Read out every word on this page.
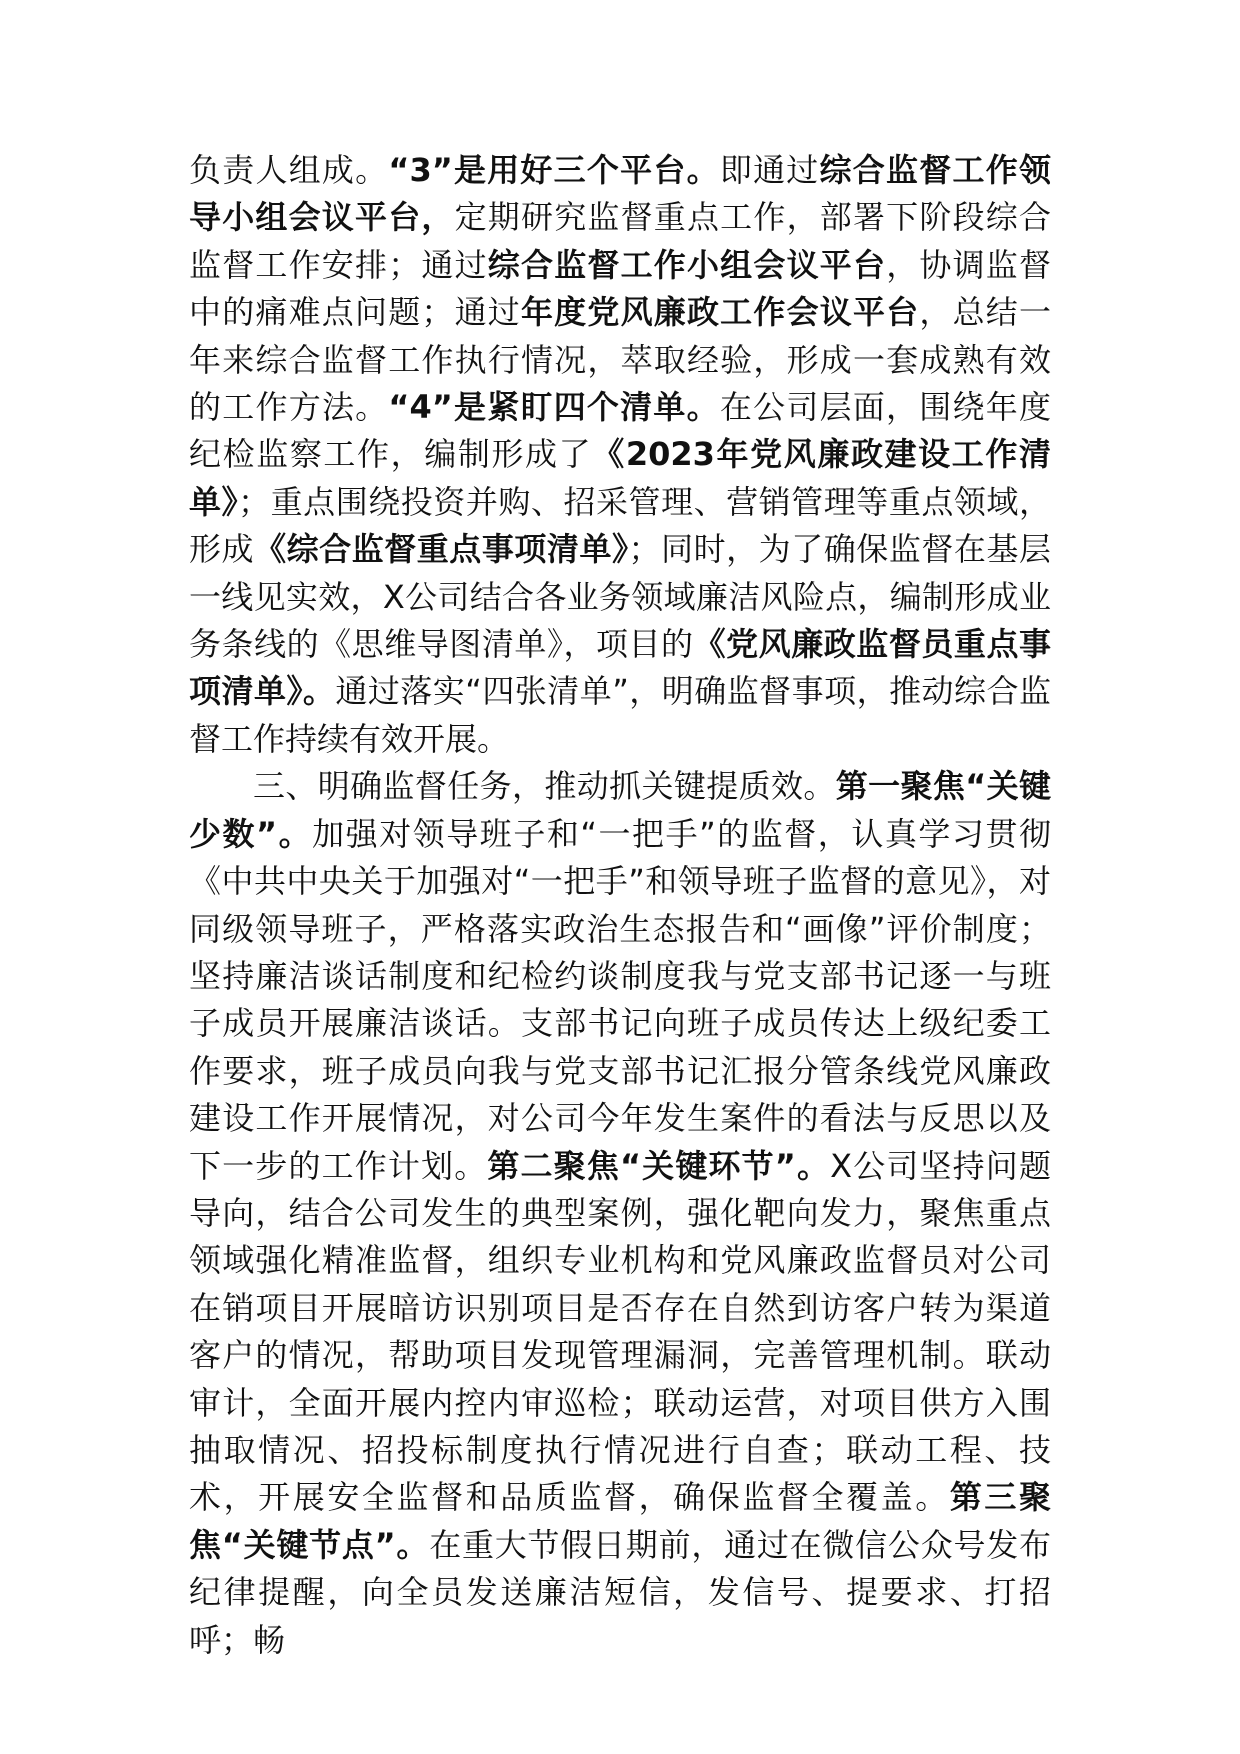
负责人组成。“3”是用好三个平台。即通过综合监督工作领导小组会议平台，定期研究监督重点工作，部署下阶段综合监督工作安排；通过综合监督工作小组会议平台，协调监督中的痛难点问题；通过年度党风廉政工作会议平台，总结一年来综合监督工作执行情况，萃取经验，形成一套成熟有效的工作方法。“4”是紧盯四个清单。在公司层面，围绕年度纪检监察工作，编制形成了《2023年党风廉政建设工作清单》；重点围绕投资并购、招采管理、营销管理等重点领域，形成《综合监督重点事项清单》；同时，为了确保监督在基层一线见实效，X公司结合各业务领域廉洁风险点，编制形成业务条线的《思维导图清单》，项目的《党风廉政监督员重点事项清单》。通过落实“四张清单”，明确监督事项，推动综合监督工作持续有效开展。

三、明确监督任务，推动抓关键提质效。第一聚焦“关键少数”。加强对领导班子和“一把手”的监督，认真学习贯彻《中共中央关于加强对“一把手”和领导班子监督的意见》，对同级领导班子，严格落实政治生态报告和“画像”评价制度；坚持廉洁谈话制度和纪检约谈制度我与党支部书记逐一与班子成员开展廉洁谈话。支部书记向班子成员传达上级纪委工作要求，班子成员向我与党支部书记汇报分管条线党风廉政建设工作开展情况，对公司今年发生案件的看法与反思以及下一步的工作计划。第二聚焦“关键环节”。X公司坚持问题导向，结合公司发生的典型案例，强化靶向发力，聚焦重点领域强化精准监督，组织专业机构和党风廉政监督员对公司在销项目开展暗访识别项目是否存在自然到访客户转为渠道客户的情况，帮助项目发现管理漏洞，完善管理机制。联动审计，全面开展内控内审巡检；联动运营，对项目供方入围抽取情况、招投标制度执行情况进行自查；联动工程、技术，开展安全监督和品质监督，确保监督全覆盖。第三聚焦“关键节点”。在重大节假日期前，通过在微信公众号发布纪律提醒，向全员发送廉洁短信，发信号、提要求、打招呼；畅
